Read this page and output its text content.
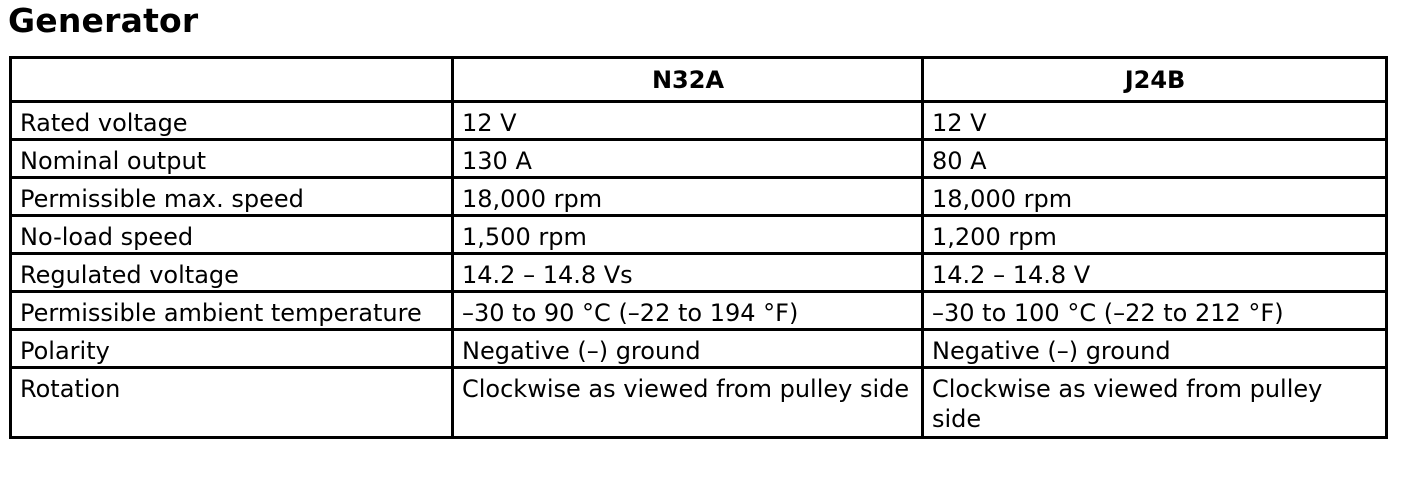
Generator
	N32A	J24B
Rated voltage	12 V	12 V
Nominal output	130 A	80 A
Permissible max. speed	18,000 rpm	18,000 rpm
No-load speed	1,500 rpm	1,200 rpm
Regulated voltage	14.2 – 14.8 Vs	14.2 – 14.8 V
Permissible ambient temperature	–30 to 90 °C (–22 to 194 °F)	–30 to 100 °C (–22 to 212 °F)
Polarity	Negative (–) ground	Negative (–) ground
Rotation	Clockwise as viewed from pulley side	Clockwise as viewed from pulley side
